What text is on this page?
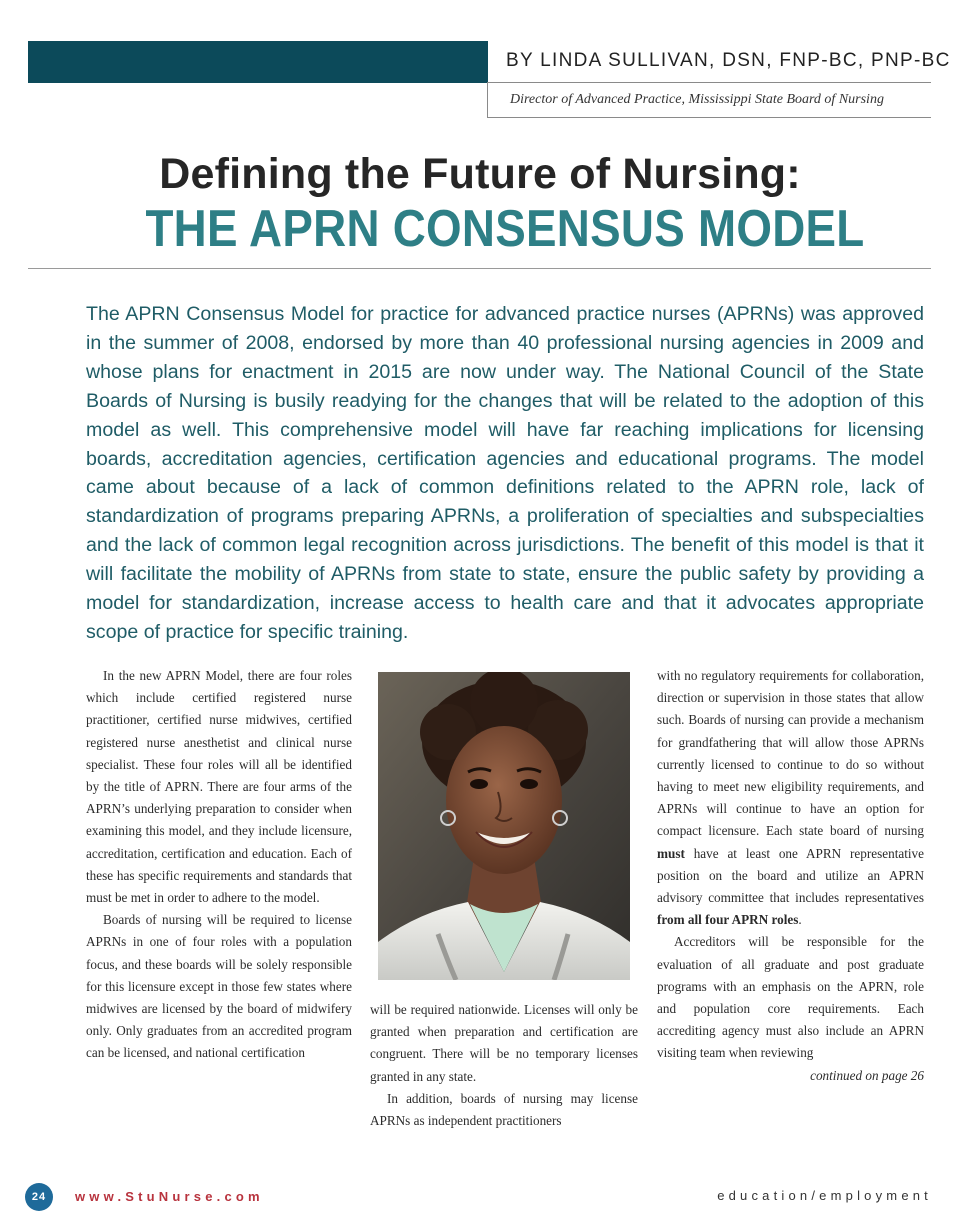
BY LINDA SULLIVAN, DSN, FNP-BC, PNP-BC
Director of Advanced Practice, Mississippi State Board of Nursing
Defining the Future of Nursing:
THE APRN CONSENSUS MODEL

The APRN Consensus Model for practice for advanced practice nurses (APRNs) was approved in the summer of 2008, endorsed by more than 40 professional nursing agencies in 2009 and whose plans for enactment in 2015 are now under way. The National Council of the State Boards of Nursing is busily readying for the changes that will be related to the adoption of this model as well. This comprehensive model will have far reaching implications for licensing boards, accreditation agencies, certification agencies and educational programs. The model came about because of a lack of common definitions related to the APRN role, lack of standardization of programs preparing APRNs, a proliferation of specialties and subspecialties and the lack of common legal recognition across jurisdictions. The benefit of this model is that it will facilitate the mobility of APRNs from state to state, ensure the public safety by providing a model for standardization, increase access to health care and that it advocates appropriate scope of practice for specific training.

In the new APRN Model, there are four roles which include certified registered nurse practitioner, certified nurse midwives, certified registered nurse anesthetist and clinical nurse specialist. These four roles will all be identified by the title of APRN. There are four arms of the APRN’s underlying preparation to consider when examining this model, and they include licensure, accreditation, certification and education. Each of these has specific requirements and standards that must be met in order to adhere to the model.

Boards of nursing will be required to license APRNs in one of four roles with a population focus, and these boards will be solely responsible for this licensure except in those few states where midwives are licensed by the board of midwifery only. Only graduates from an accredited program can be licensed, and national certification

will be required nationwide. Licenses will only be granted when preparation and certification are congruent. There will be no temporary licenses granted in any state.

In addition, boards of nursing may license APRNs as independent practitioners

with no regulatory requirements for collaboration, direction or supervision in those states that allow such. Boards of nursing can provide a mechanism for grandfathering that will allow those APRNs currently licensed to continue to do so without having to meet new eligibility requirements, and APRNs will continue to have an option for compact licensure. Each state board of nursing must have at least one APRN representative position on the board and utilize an APRN advisory committee that includes representatives from all four APRN roles.

Accreditors will be responsible for the evaluation of all graduate and post graduate programs with an emphasis on the APRN, role and population core requirements. Each accrediting agency must also include an APRN visiting team when reviewing

continued on page 26
24	www.StuNurse.com	education/employment
